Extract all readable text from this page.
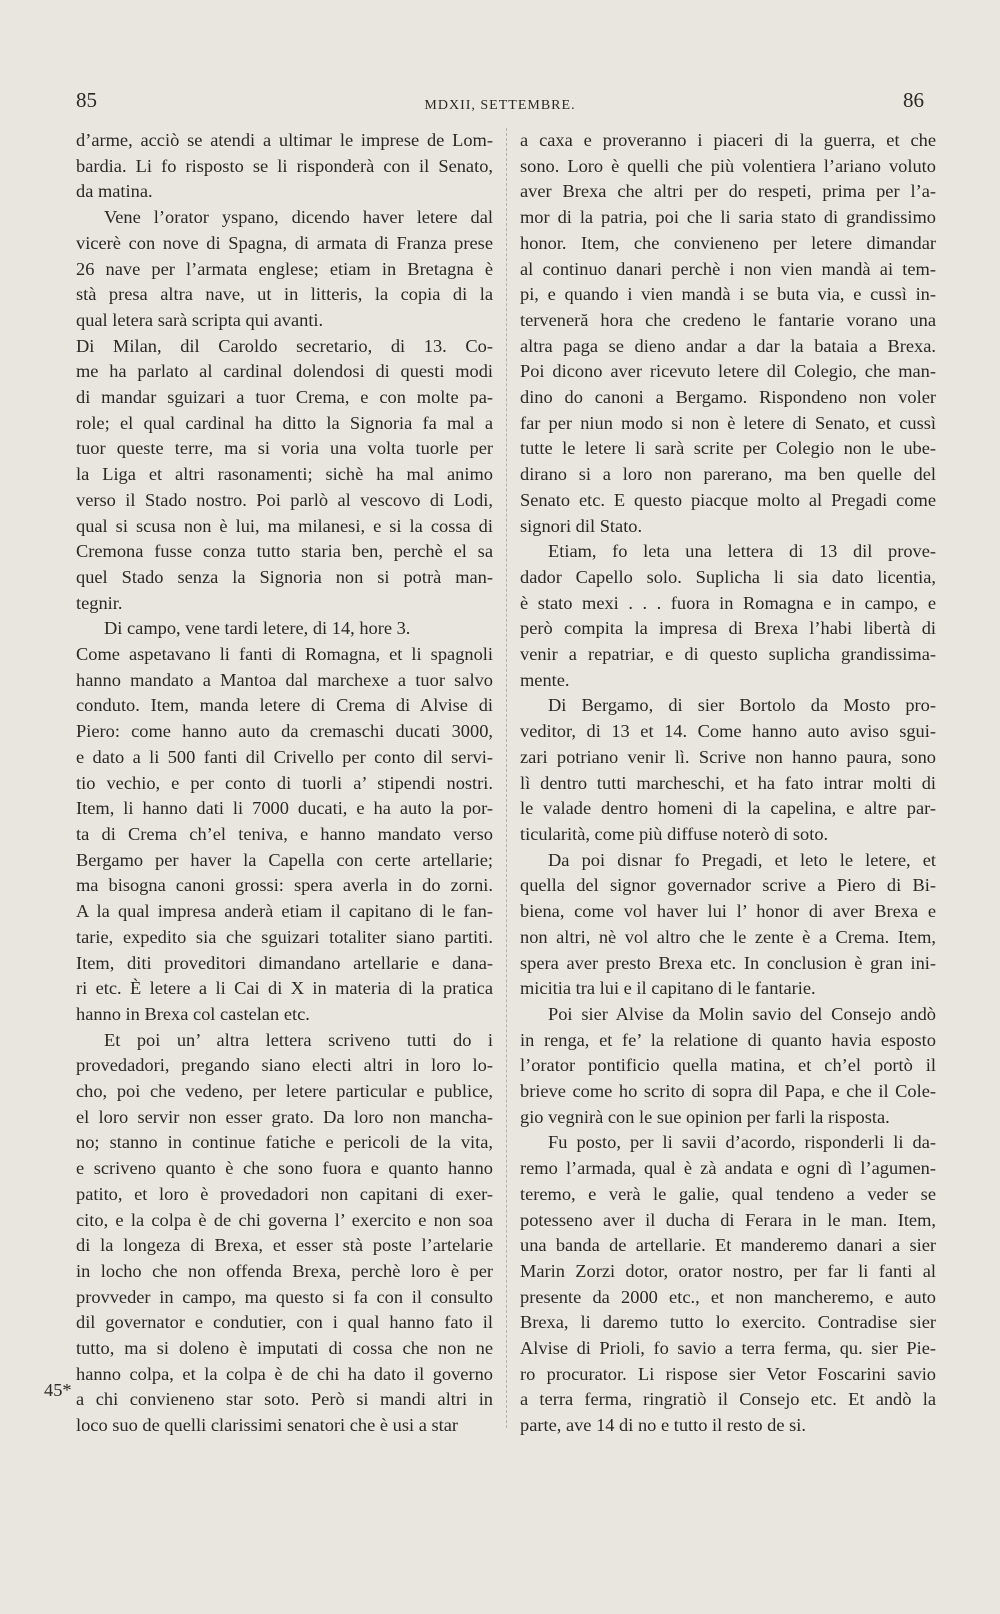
85	MDXII, SETTEMBRE.	86
d’arme, acciò se atendi a ultimar le imprese de Lom-
bardia. Li fo risposto se li risponderà con il Senato,
da matina.
Vene l’orator yspano, dicendo haver letere dal
vicerè con nove di Spagna, di armata di Franza prese
26 nave per l’armata englese; etiam in Bretagna è
stà presa altra nave, ut in litteris, la copia di la
qual letera sarà scripta qui avanti.
Di Milan, dil Caroldo secretario, di 13. Co-
me ha parlato al cardinal dolendosi di questi modi
di mandar sguizari a tuor Crema, e con molte pa-
role; el qual cardinal ha ditto la Signoria fa mal a
tuor queste terre, ma si voria una volta tuorle per
la Liga et altri rasonamenti; sichè ha mal animo
verso il Stado nostro. Poi parlò al vescovo di Lodi,
qual si scusa non è lui, ma milanesi, e si la cossa di
Cremona fusse conza tutto staria ben, perchè el sa
quel Stado senza la Signoria non si potrà man-
tegnir.
Di campo, vene tardi letere, di 14, hore 3.
Come aspetavano li fanti di Romagna, et li spagnoli
hanno mandato a Mantoa dal marchexe a tuor salvo
conduto. Item, manda letere di Crema di Alvise di
Piero: come hanno auto da cremaschi ducati 3000,
e dato a li 500 fanti dil Crivello per conto dil servi-
tio vechio, e per conto di tuorli a’ stipendi nostri.
Item, li hanno dati li 7000 ducati, e ha auto la por-
ta di Crema ch’el teniva, e hanno mandato verso
Bergamo per haver la Capella con certe artellarie;
ma bisogna canoni grossi: spera averla in do zorni.
A la qual impresa anderà etiam il capitano di le fan-
tarie, expedito sia che sguizari totaliter siano partiti.
Item, diti proveditori dimandano artellarie e dana-
ri etc. È letere a li Cai di X in materia di la pratica
hanno in Brexa col castelan etc.
Et poi un’ altra lettera scriveno tutti do i
provedadori, pregando siano electi altri in loro lo-
cho, poi che vedeno, per letere particular e publice,
el loro servir non esser grato. Da loro non mancha-
no; stanno in continue fatiche e pericoli de la vita,
e scriveno quanto è che sono fuora e quanto hanno
patito, et loro è provedadori non capitani di exer-
cito, e la colpa è de chi governa l’ exercito e non soa
di la longeza di Brexa, et esser stà poste l’artelarie
in locho che non offenda Brexa, perchè loro è per
provveder in campo, ma questo si fa con il consulto
dil governator e condutier, con i qual hanno fato il
tutto, ma si doleno è imputati di cossa che non ne
hanno colpa, et la colpa è de chi ha dato il governo
a chi convieneno star soto. Però si mandi altri in
loco suo de quelli clarissimi senatori che è usi a star
a caxa e proveranno i piaceri di la guerra, et che
sono. Loro è quelli che più volentiera l’ariano voluto
aver Brexa che altri per do respeti, prima per l’a-
mor di la patria, poi che li saria stato di grandissimo
honor. Item, che convieneno per letere dimandar
al continuo danari perchè i non vien mandà ai tem-
pi, e quando i vien mandà i se buta via, e cussì in-
terveneră hora che credeno le fantarie vorano una
altra paga se dieno andar a dar la bataia a Brexa.
Poi dicono aver ricevuto letere dil Colegio, che man-
dino do canoni a Bergamo. Rispondeno non voler
far per niun modo si non è letere di Senato, et cussì
tutte le letere li sarà scrite per Colegio non le ube-
dirano si a loro non parerano, ma ben quelle del
Senato etc. E questo piacque molto al Pregadi come
signori dil Stato.
Etiam, fo leta una lettera di 13 dil prove-
dador Capello solo. Suplicha li sia dato licentia,
è stato mexi . . . fuora in Romagna e in campo, e
però compita la impresa di Brexa l’habi libertà di
venir a repatriar, e di questo suplicha grandissima-
mente.
Di Bergamo, di sier Bortolo da Mosto pro-
veditor, di 13 et 14. Come hanno auto aviso sgui-
zari potriano venir lì. Scrive non hanno paura, sono
lì dentro tutti marcheschi, et ha fato intrar molti di
le valade dentro homeni di la capelina, e altre par-
ticularità, come più diffuse noterò di soto.
Da poi disnar fo Pregadi, et leto le letere, et
quella del signor governador scrive a Piero di Bi-
biena, come vol haver lui l’ honor di aver Brexa e
non altri, nè vol altro che le zente è a Crema. Item,
spera aver presto Brexa etc. In conclusion è gran ini-
micitia tra lui e il capitano di le fantarie.
Poi sier Alvise da Molin savio del Consejo andò
in renga, et fe’ la relatione di quanto havia esposto
l’orator pontificio quella matina, et ch’el portò il
brieve come ho scrito di sopra dil Papa, e che il Cole-
gio vegnirà con le sue opinion per farli la risposta.
Fu posto, per li savii d’acordo, risponderli li da-
remo l’armada, qual è zà andata e ogni dì l’agumen-
teremo, e verà le galie, qual tendeno a veder se
potesseno aver il ducha di Ferara in le man. Item,
una banda de artellarie. Et manderemo danari a sier
Marin Zorzi dotor, orator nostro, per far li fanti al
presente da 2000 etc., et non mancheremo, e auto
Brexa, li daremo tutto lo exercito. Contradise sier
Alvise di Prioli, fo savio a terra ferma, qu. sier Pie-
ro procurator. Li rispose sier Vetor Foscarini savio
a terra ferma, ringratiò il Consejo etc. Et andò la
parte, ave 14 di no e tutto il resto de si.
45*
